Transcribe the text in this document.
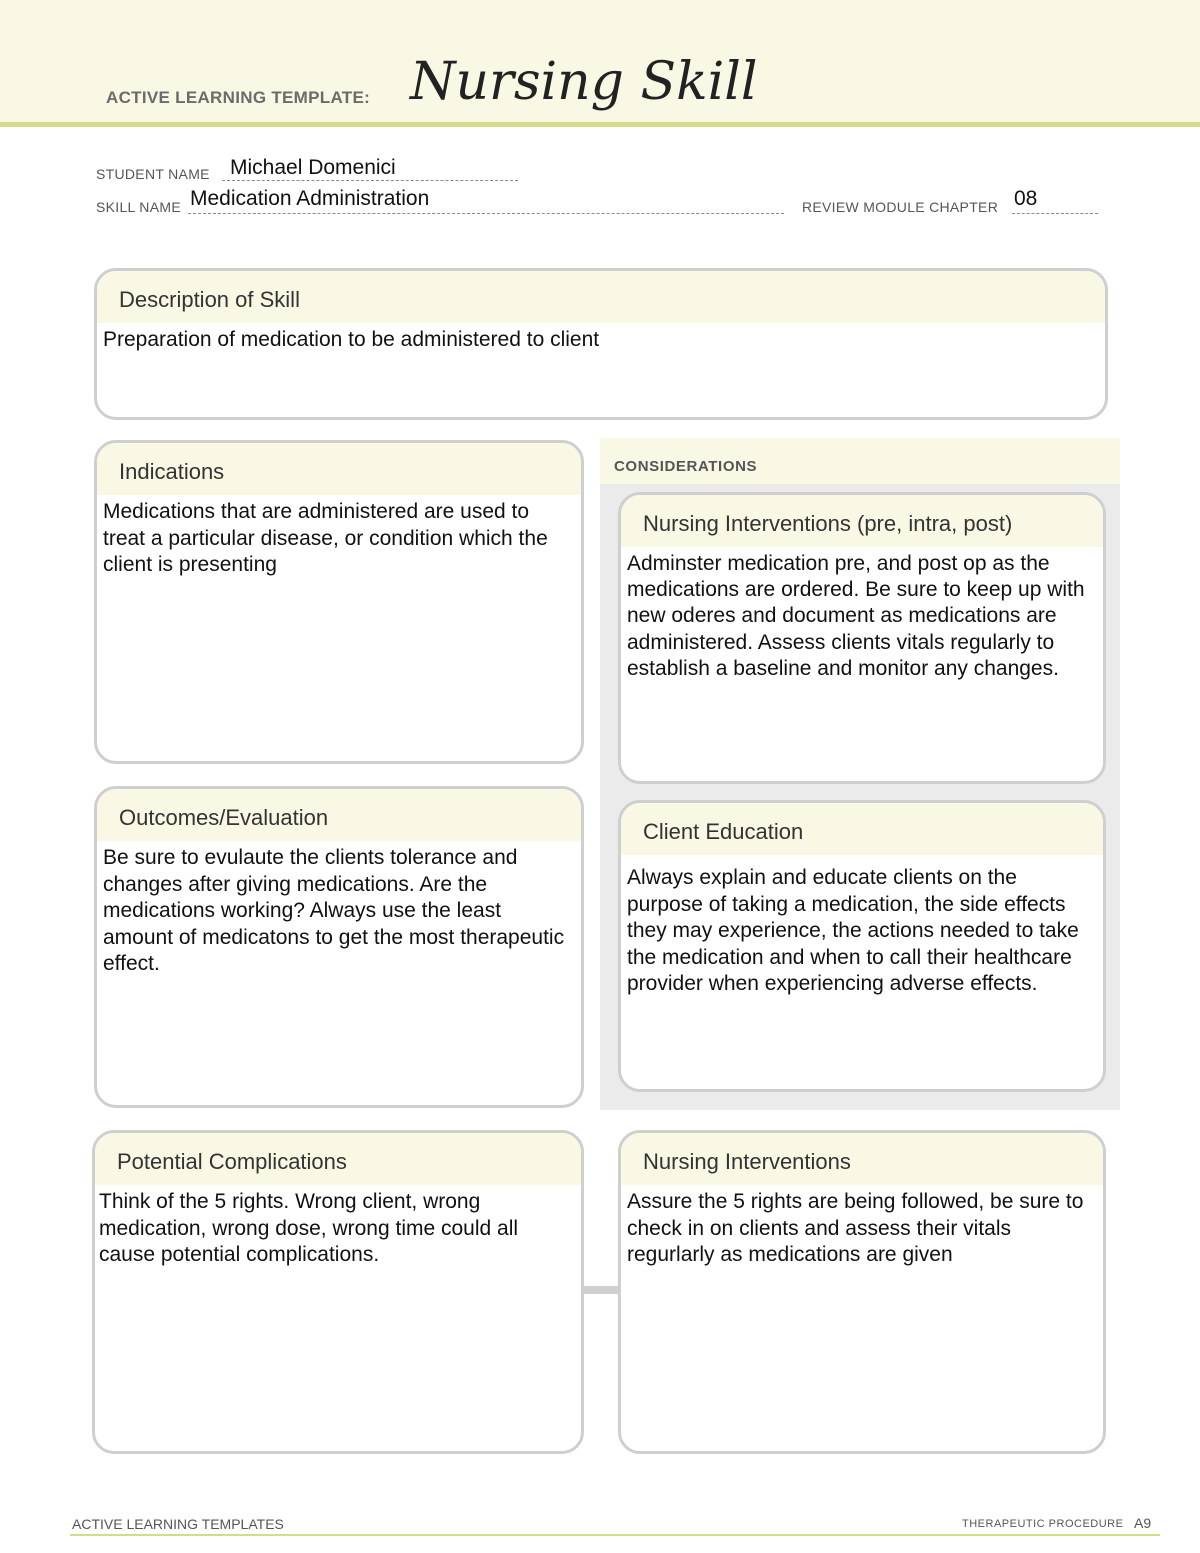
ACTIVE LEARNING TEMPLATE: Nursing Skill
STUDENT NAME Michael Domenici
SKILL NAME Medication Administration	REVIEW MODULE CHAPTER 08
Description of Skill
Preparation of medication to be administered to client
CONSIDERATIONS
Indications
Medications that are administered are used to treat a particular disease, or condition which the client is presenting
Nursing Interventions (pre, intra, post)
Adminster medication pre, and post op as the medications are ordered. Be sure to keep up with new oderes and document as medications are administered. Assess clients vitals regularly to establish a baseline and monitor any changes.
Outcomes/Evaluation
Be sure to evulaute the clients tolerance and changes after giving medications. Are the medications working? Always use the least amount of medicatons to get the most therapeutic effect.
Client Education
Always explain and educate clients on the purpose of taking a medication, the side effects they may experience, the actions needed to take the medication and when to call their healthcare provider when experiencing adverse effects.
Potential Complications
Think of the 5 rights. Wrong client, wrong medication, wrong dose, wrong time could all cause potential complications.
Nursing Interventions
Assure the 5 rights are being followed, be sure to check in on clients and assess their vitals regurlarly as medications are given
ACTIVE LEARNING TEMPLATES	THERAPEUTIC PROCEDURE A9
